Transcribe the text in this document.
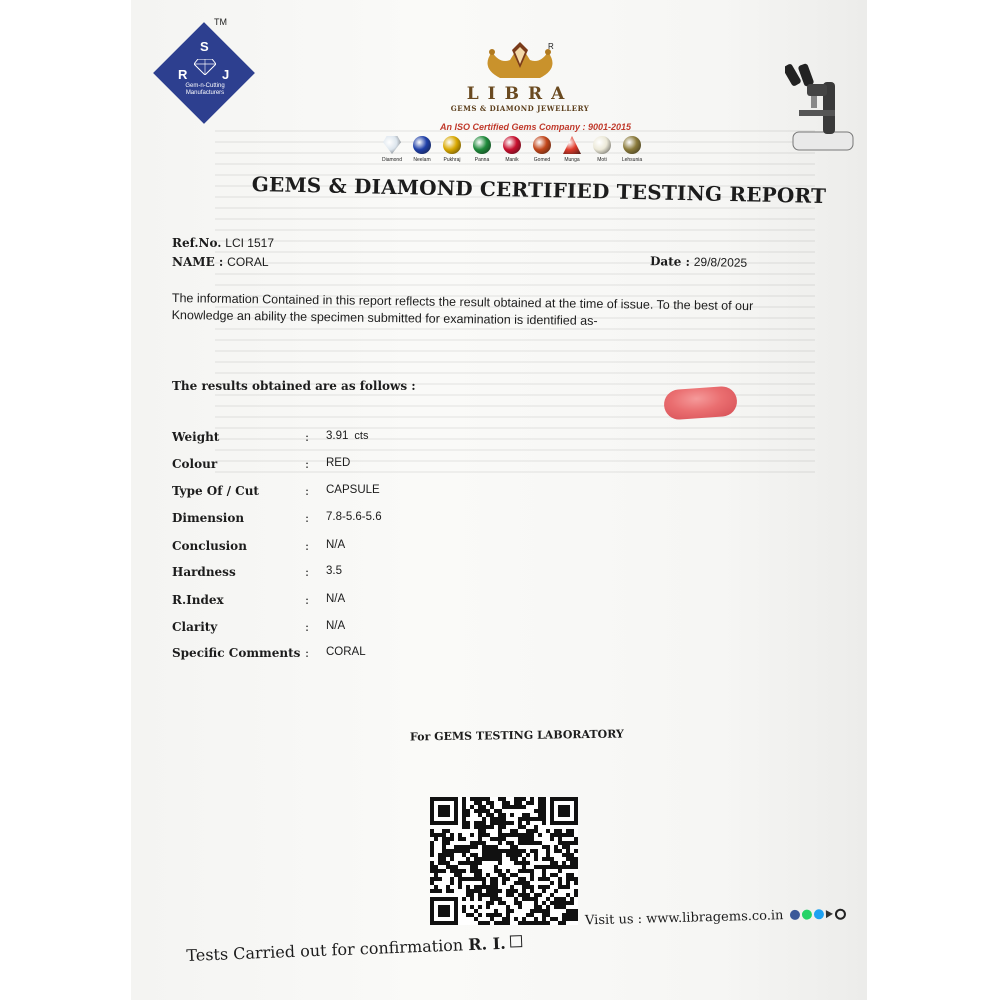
TM
S
R	J
Gem-n-Cutting Manufacturers
R
LIBRA
GEMS & DIAMOND JEWELLERY
An ISO Certified Gems Company : 9001-2015
Diamond Neelam	Pukhraj	Panna	Manik	Gomed	Munga	Moti	Lehsunia
GEMS & DIAMOND CERTIFIED TESTING REPORT
Ref.No. LCI 1517
NAME : CORAL	Date : 29/8/2025
The information Contained in this report reflects the result obtained at the time of issue. To the best of our
Knowledge an ability the specimen submitted for examination is identified as-
The results obtained are as follows :
Weight	: 3.91 cts
Colour	: RED
Type Of / Cut	: CAPSULE
Dimension	: 7.8-5.6-5.6
Conclusion	: N/A
Hardness	: 3.5
R.Index	: N/A
Clarity	: N/A
Specific Comments : CORAL
For GEMS TESTING LABORATORY
Visit us : www.libragems.co.in
Tests Carried out for confirmation R. I.
